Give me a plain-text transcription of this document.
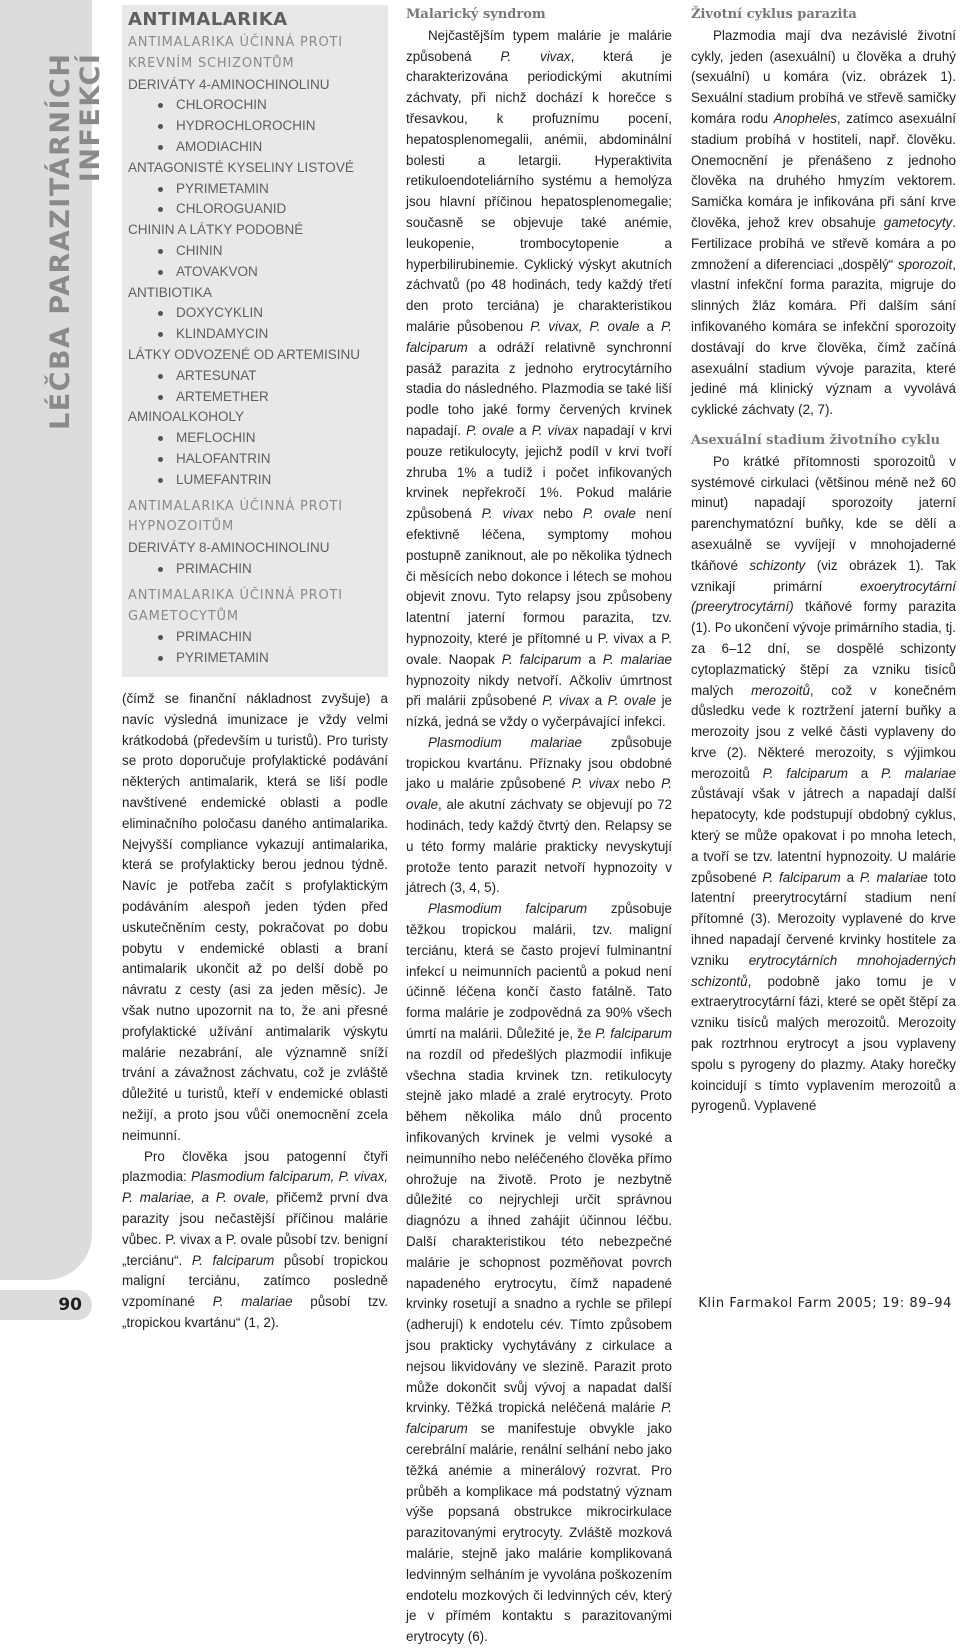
LÉČBA PARAZITÁRNÍCH INFEKCÍ
90
ANTIMALARIKA
ANTIMALARIKA ÚČINNÁ PROTI KREVNÍM SCHIZONTŮM
DERIVÁTY 4-AMINOCHINOLINU
CHLOROCHIN
HYDROCHLOROCHIN
AMODIACHIN
ANTAGONISTÉ KYSELINY LISTOVÉ
PYRIMETAMIN
CHLOROGUANID
CHININ A LÁTKY PODOBNÉ
CHININ
ATOVAKVON
ANTIBIOTIKA
DOXYCYKLIN
KLINDAMYCIN
LÁTKY ODVOZENÉ OD ARTEMISINU
ARTESUNAT
ARTEMETHER
AMINOALKOHOLY
MEFLOCHIN
HALOFANTRIN
LUMEFANTRIN
ANTIMALARIKA ÚČINNÁ PROTI HYPNOZOITŮM
DERIVÁTY 8-AMINOCHINOLINU
PRIMACHIN
ANTIMALARIKA ÚČINNÁ PROTI GAMETOCYTŮM
PRIMACHIN
PYRIMETAMIN

(čímž se finanční nákladnost zvyšuje) a navíc výsledná imunizace je vždy velmi krátkodobá (především u turistů). Pro turisty se proto doporučuje profylaktické podávání některých antimalarik, která se liší podle navštívené endemické oblasti a podle eliminačního poločasu daného antimalarika. Nejvyšší compliance vykazují antimalarika, která se profylakticky berou jednou týdně. Navíc je potřeba začít s profylaktickým podáváním alespoň jeden týden před uskutečněním cesty, pokračovat po dobu pobytu v endemické oblasti a braní antimalarik ukončit až po delší době po návratu z cesty (asi za jeden měsíc). Je však nutno upozornit na to, že ani přesné profylaktické užívání antimalarik výskytu malárie nezabrání, ale významně sníží trvání a závažnost záchvatu, což je zvláště důležité u turistů, kteří v endemické oblasti nežijí, a proto jsou vůči onemocnění zcela neimunní.

Pro člověka jsou patogenní čtyři plazmodia: Plasmodium falciparum, P. vivax, P. malariae, a P. ovale, přičemž první dva parazity jsou nečastější příčinou malárie vůbec. P. vivax a P. ovale působí tzv. benigní „terciánu“. P. falciparum působí tropickou maligní terciánu, zatímco posledně vzpomínané P. malariae působí tzv. „tropickou kvartánu“ (1, 2).

Malarický syndrom

Nejčastějším typem malárie je malárie způsobená P. vivax, která je charakterizována periodickými akutními záchvaty, při nichž dochází k horečce s třesavkou, k profuznímu pocení, hepatosplenomegalii, anémii, abdominální bolesti a letargii. Hyperaktivita retikuloendoteliárního systému a hemolýza jsou hlavní příčinou hepatosplenomegalie; současně se objevuje také anémie, leukopenie, trombocytopenie a hyperbilirubinemie. Cyklický výskyt akutních záchvatů (po 48 hodinách, tedy každý třetí den proto terciána) je charakteristikou malárie působenou P. vivax, P. ovale a P. falciparum a odráží relativně synchronní pasáž parazita z jednoho erytrocytárního stadia do následného. Plazmodia se také liší podle toho jaké formy červených krvinek napadají. P. ovale a P. vivax napadají v krvi pouze retikulocyty, jejichž podíl v krvi tvoří zhruba 1% a tudíž i počet infikovaných krvinek nepřekročí 1%. Pokud malárie způsobená P. vivax nebo P. ovale není efektivně léčena, symptomy mohou postupně zaniknout, ale po několika týdnech či měsících nebo dokonce i létech se mohou objevit znovu. Tyto relapsy jsou způsobeny latentní jaterní formou parazita, tzv. hypnozoity, které je přítomné u P. vivax a P. ovale. Naopak P. falciparum a P. malariae hypnozoity nikdy netvoří. Ačkoliv úmrtnost při malárii způsobené P. vivax a P. ovale je nízká, jedná se vždy o vyčerpávající infekci.

Plasmodium malariae způsobuje tropickou kvartánu. Příznaky jsou obdobné jako u malárie způsobené P. vivax nebo P. ovale, ale akutní záchvaty se objevují po 72 hodinách, tedy každý čtvrtý den. Relapsy se u této formy malárie prakticky nevyskytují protože tento parazit netvoří hypnozoity v játrech (3, 4, 5).

Plasmodium falciparum způsobuje těžkou tropickou malárii, tzv. maligní terciánu, která se často projeví fulminantní infekcí u neimunních pacientů a pokud není účinně léčena končí často fatálně. Tato forma malárie je zodpovědná za 90% všech úmrtí na malárii. Důležité je, že P. falciparum na rozdíl od předešlých plazmodií infikuje všechna stadia krvinek tzn. retikulocyty stejně jako mladé a zralé erytrocyty. Proto během několika málo dnů procento infikovaných krvinek je velmi vysoké a neimunního nebo neléčeného člověka přímo ohrožuje na životě. Proto je nezbytně důležité co nejrychleji určit správnou diagnózu a ihned zahájit účinnou léčbu. Další charakteristikou této nebezpečné malárie je schopnost pozměňovat povrch napadeného erytrocytu, čímž napadené krvinky rosetují a snadno a rychle se přilepí (adherují) k endotelu cév. Tímto způsobem jsou prakticky vychytávány z cirkulace a nejsou likvidovány ve slezině. Parazit proto může dokončit svůj vývoj a napadat další krvinky. Těžká tropická neléčená malárie P. falciparum se manifestuje obvykle jako cerebrální malárie, renální selhání nebo jako těžká anémie a minerálový rozvrat. Pro průběh a komplikace má podstatný význam výše popsaná obstrukce mikrocirkulace parazitovanými erytrocyty. Zvláště mozková malárie, stejně jako malárie komplikovaná ledvinným selháním je vyvolána poškozením endotelu mozkových či ledvinných cév, který je v přímém kontaktu s parazitovanými erytrocyty (6).

Životní cyklus parazita

Plazmodia mají dva nezávislé životní cykly, jeden (asexuální) u člověka a druhý (sexuální) u komára (viz. obrázek 1). Sexuální stadium probíhá ve střevě samičky komára rodu Anopheles, zatímco asexuální stadium probíhá v hostiteli, např. člověku. Onemocnění je přenášeno z jednoho člověka na druhého hmyzím vektorem. Samička komára je infikována při sání krve člověka, jehož krev obsahuje gametocyty. Fertilizace probíhá ve střevě komára a po zmnožení a diferenciaci „dospělý“ sporozoit, vlastní infekční forma parazita, migruje do slinných žláz komára. Při dalším sání infikovaného komára se infekční sporozoity dostávají do krve člověka, čímž začíná asexuální stadium vývoje parazita, které jediné má klinický význam a vyvolává cyklické záchvaty (2, 7).

Asexuální stadium životního cyklu

Po krátké přítomnosti sporozoitů v systémové cirkulaci (většinou méně než 60 minut) napadají sporozoity jaterní parenchymatózní buňky, kde se dělí a asexuálně se vyvíjejí v mnohojaderné tkáňové schizonty (viz obrázek 1). Tak vznikají primární exoerytrocytární (preerytrocytární) tkáňové formy parazita (1). Po ukončení vývoje primárního stadia, tj. za 6–12 dní, se dospělé schizonty cytoplazmatický štěpí za vzniku tisíců malých merozoitů, což v konečném důsledku vede k roztržení jaterní buňky a merozoity jsou z velké části vyplaveny do krve (2). Některé merozoity, s výjimkou merozoitů P. falciparum a P. malariae zůstávají však v játrech a napadají další hepatocyty, kde podstupují obdobný cyklus, který se může opakovat i po mnoha letech, a tvoří se tzv. latentní hypnozoity. U malárie způsobené P. falciparum a P. malariae toto latentní preerytrocytární stadium není přítomné (3). Merozoity vyplavené do krve ihned napadají červené krvinky hostitele za vzniku erytrocytárních mnohojaderných schizontů, podobně jako tomu je v extraerytrocytární fázi, které se opět štěpí za vzniku tisíců malých merozoitů. Merozoity pak roztrhnou erytrocyt a jsou vyplaveny spolu s pyrogeny do plazmy. Ataky horečky koincidují s tímto vyplavením merozoitů a pyrogenů. Vyplavené

Klin Farmakol Farm 2005; 19: 89–94
